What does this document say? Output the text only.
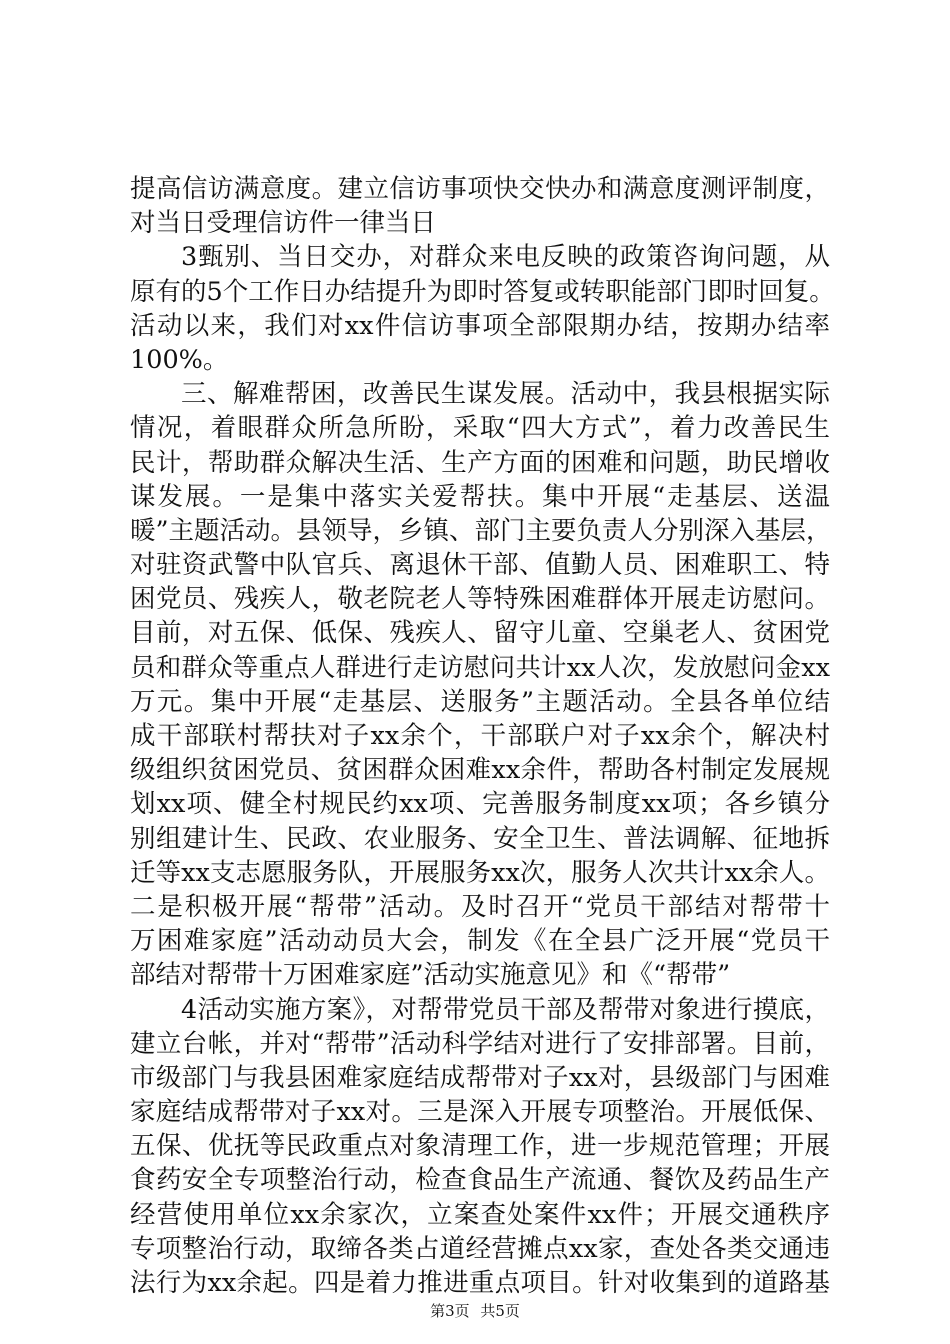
提高信访满意度。建立信访事项快交快办和满意度测评制度，
对当日受理信访件一律当日
3甄别、当日交办，对群众来电反映的政策咨询问题，从
原有的5个工作日办结提升为即时答复或转职能部门即时回复。
活动以来，我们对xx件信访事项全部限期办结，按期办结率
100%。
三、解难帮困，改善民生谋发展。活动中，我县根据实际
情况，着眼群众所急所盼，采取“四大方式”，着力改善民生
民计，帮助群众解决生活、生产方面的困难和问题，助民增收
谋发展。一是集中落实关爱帮扶。集中开展“走基层、送温
暖”主题活动。县领导，乡镇、部门主要负责人分别深入基层，
对驻资武警中队官兵、离退休干部、值勤人员、困难职工、特
困党员、残疾人，敬老院老人等特殊困难群体开展走访慰问。
目前，对五保、低保、残疾人、留守儿童、空巢老人、贫困党
员和群众等重点人群进行走访慰问共计xx人次，发放慰问金xx
万元。集中开展“走基层、送服务”主题活动。全县各单位结
成干部联村帮扶对子xx余个，干部联户对子xx余个，解决村
级组织贫困党员、贫困群众困难xx余件，帮助各村制定发展规
划xx项、健全村规民约xx项、完善服务制度xx项；各乡镇分
别组建计生、民政、农业服务、安全卫生、普法调解、征地拆
迁等xx支志愿服务队，开展服务xx次，服务人次共计xx余人。
二是积极开展“帮带”活动。及时召开“党员干部结对帮带十
万困难家庭”活动动员大会，制发《在全县广泛开展“党员干
部结对帮带十万困难家庭”活动实施意见》和《“帮带”
4活动实施方案》，对帮带党员干部及帮带对象进行摸底，
建立台帐，并对“帮带”活动科学结对进行了安排部署。目前，
市级部门与我县困难家庭结成帮带对子xx对，县级部门与困难
家庭结成帮带对子xx对。三是深入开展专项整治。开展低保、
五保、优抚等民政重点对象清理工作，进一步规范管理；开展
食药安全专项整治行动，检查食品生产流通、餐饮及药品生产
经营使用单位xx余家次，立案查处案件xx件；开展交通秩序
专项整治行动，取缔各类占道经营摊点xx家，查处各类交通违
法行为xx余起。四是着力推进重点项目。针对收集到的道路基
第3页 共5页
